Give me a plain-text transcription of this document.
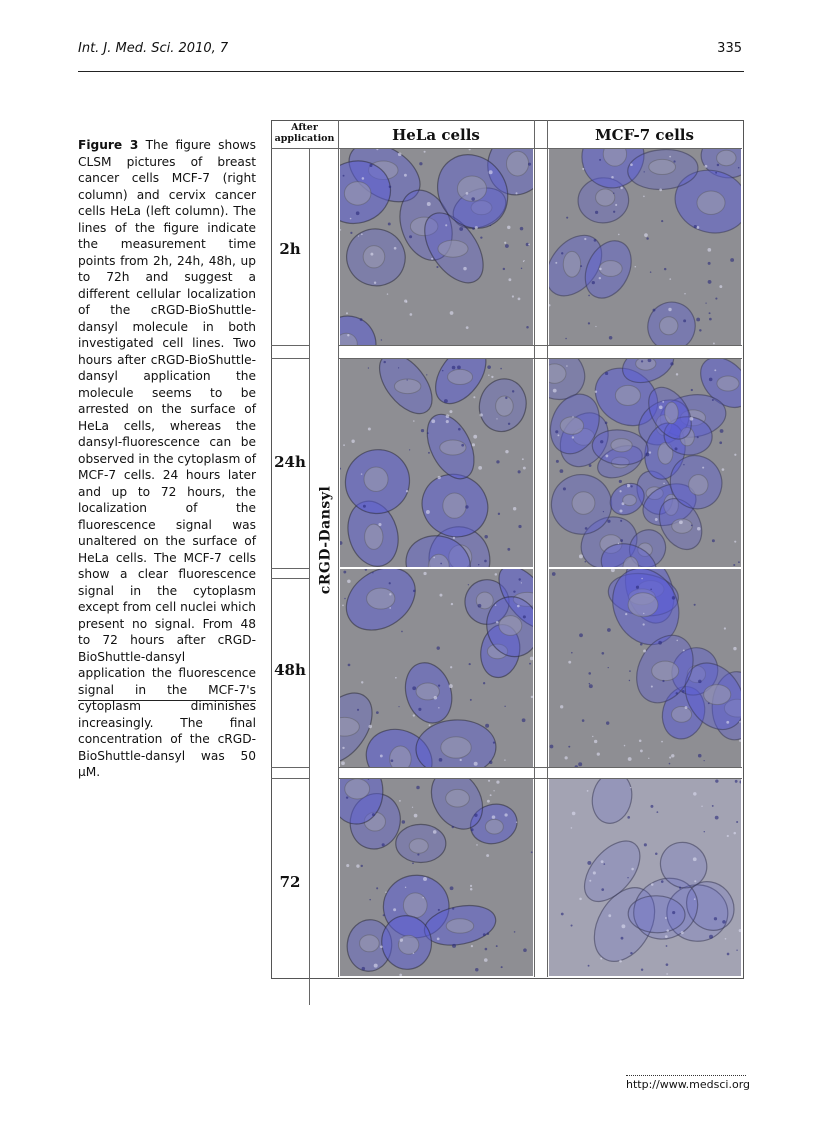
Int. J. Med. Sci. 2010, 7	335
Figure 3 The figure shows CLSM pictures of breast cancer cells MCF-7 (right column) and cervix cancer cells HeLa (left column). The lines of the figure indicate the measurement time points from 2h, 24h, 48h, up to 72h and suggest a different cellular localization of the cRGD-BioShuttle-dansyl molecule in both investigated cell lines. Two hours after cRGD-BioShuttle-dansyl application the molecule seems to be arrested on the surface of HeLa cells, whereas the dansyl-fluorescence can be observed in the cytoplasm of MCF-7 cells. 24 hours later and up to 72 hours, the localization of the fluorescence signal was unaltered on the surface of HeLa cells. The MCF-7 cells show a clear fluorescence signal in the cytoplasm except from cell nuclei which present no signal. From 48 to 72 hours after cRGD-BioShuttle-dansyl application the fluorescence signal in the MCF-7's cytoplasm diminishes increasingly. The final concentration of the cRGD-BioShuttle-dansyl was 50 µM.
After application	HeLa cells	MCF-7 cells
2h
24h
48h
72
cRGD-Dansyl
http://www.medsci.org
